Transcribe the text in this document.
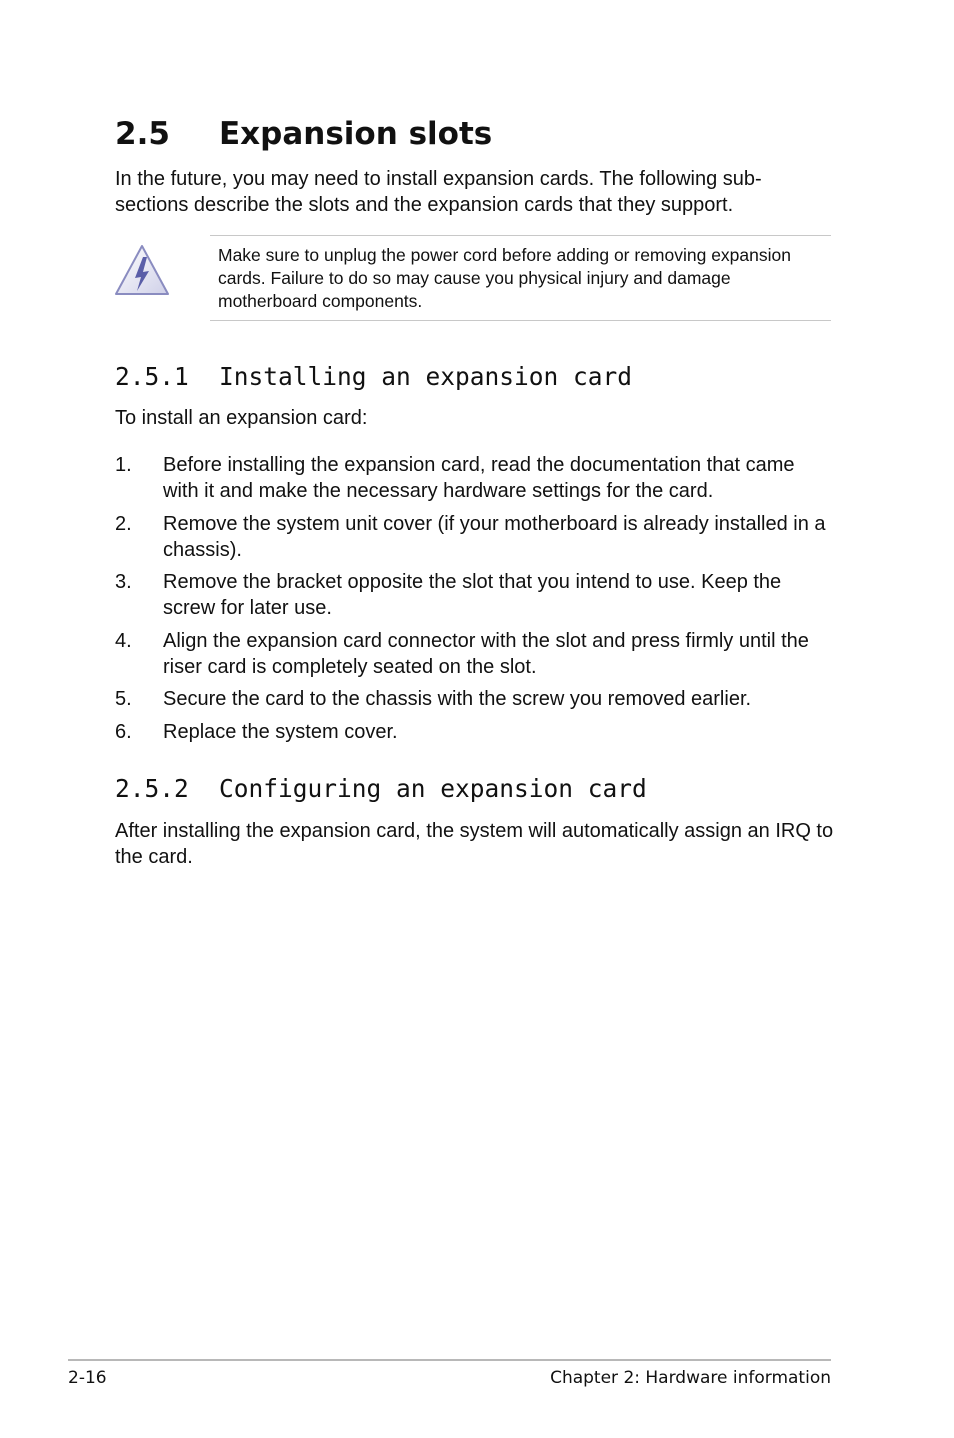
2.5 Expansion slots

In the future, you may need to install expansion cards. The following sub-sections describe the slots and the expansion cards that they support.

Make sure to unplug the power cord before adding or removing expansion cards. Failure to do so may cause you physical injury and damage motherboard components.

2.5.1 Installing an expansion card

To install an expansion card:

1. Before installing the expansion card, read the documentation that came with it and make the necessary hardware settings for the card.
2. Remove the system unit cover (if your motherboard is already installed in a chassis).
3. Remove the bracket opposite the slot that you intend to use. Keep the screw for later use.
4. Align the expansion card connector with the slot and press firmly until the riser card is completely seated on the slot.
5. Secure the card to the chassis with the screw you removed earlier.
6. Replace the system cover.
2.5.2 Configuring an expansion card

After installing the expansion card, the system will automatically assign an IRQ to the card.

2-16	Chapter 2: Hardware information
